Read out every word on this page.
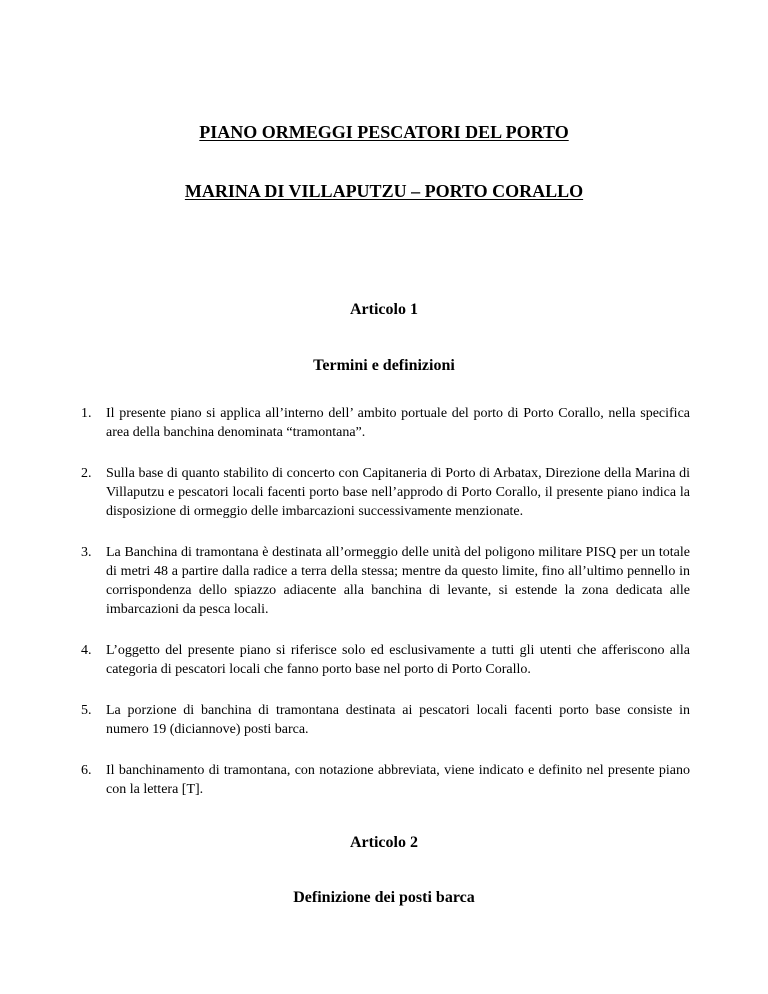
PIANO ORMEGGI PESCATORI DEL PORTO
MARINA DI VILLAPUTZU – PORTO CORALLO
Articolo 1
Termini e definizioni
1. Il presente piano si applica all’interno dell’ ambito portuale del porto di Porto Corallo, nella specifica area della banchina denominata “tramontana”.
2. Sulla base di quanto stabilito di concerto con Capitaneria di Porto di Arbatax, Direzione della Marina di Villaputzu e pescatori locali facenti porto base nell’approdo di Porto Corallo, il presente piano indica la disposizione di ormeggio delle imbarcazioni successivamente menzionate.
3. La Banchina di tramontana è destinata all’ormeggio delle unità del poligono militare PISQ per un totale di metri 48 a partire dalla radice a terra della stessa; mentre da questo limite, fino all’ultimo pennello in corrispondenza dello spiazzo adiacente alla banchina di levante, si estende la zona dedicata alle imbarcazioni da pesca locali.
4. L’oggetto del presente piano si riferisce solo ed esclusivamente a tutti gli utenti che afferiscono alla categoria di pescatori locali che fanno porto base nel porto di Porto Corallo.
5. La porzione di banchina di tramontana destinata ai pescatori locali facenti porto base consiste in numero 19 (diciannove) posti barca.
6. Il banchinamento di tramontana, con notazione abbreviata, viene indicato e definito nel presente piano con la lettera [T].
Articolo 2
Definizione dei posti barca
